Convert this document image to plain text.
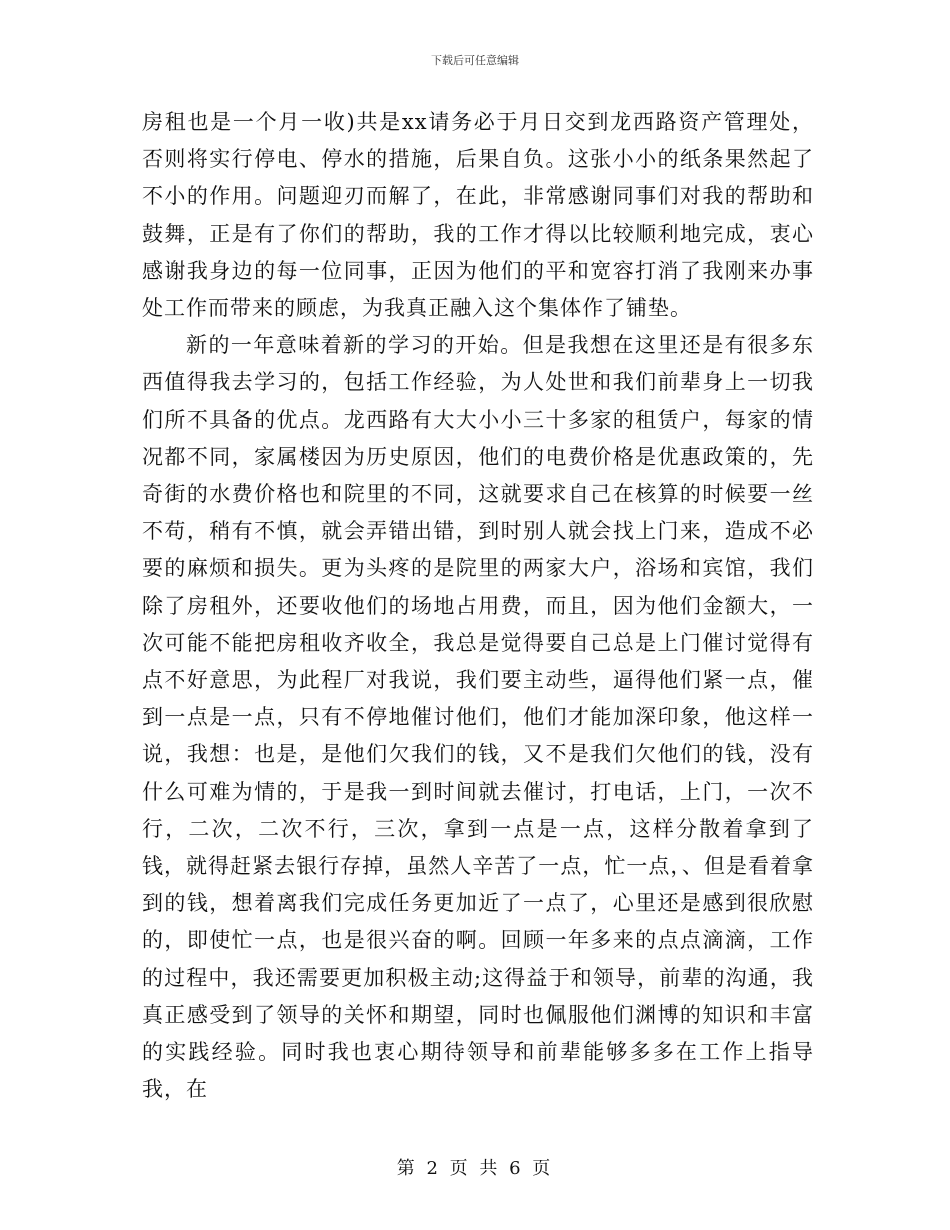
下载后可任意编辑

房租也是一个月一收)共是xx请务必于月日交到龙西路资产管理处，否则将实行停电、停水的措施，后果自负。这张小小的纸条果然起了不小的作用。问题迎刃而解了，在此，非常感谢同事们对我的帮助和鼓舞，正是有了你们的帮助，我的工作才得以比较顺利地完成，衷心感谢我身边的每一位同事，正因为他们的平和宽容打消了我刚来办事处工作而带来的顾虑，为我真正融入这个集体作了铺垫。

新的一年意味着新的学习的开始。但是我想在这里还是有很多东西值得我去学习的，包括工作经验，为人处世和我们前辈身上一切我们所不具备的优点。龙西路有大大小小三十多家的租赁户，每家的情况都不同，家属楼因为历史原因，他们的电费价格是优惠政策的，先奇街的水费价格也和院里的不同，这就要求自己在核算的时候要一丝不苟，稍有不慎，就会弄错出错，到时别人就会找上门来，造成不必要的麻烦和损失。更为头疼的是院里的两家大户，浴场和宾馆，我们除了房租外，还要收他们的场地占用费，而且，因为他们金额大，一次可能不能把房租收齐收全，我总是觉得要自己总是上门催讨觉得有点不好意思，为此程厂对我说，我们要主动些，逼得他们紧一点，催到一点是一点，只有不停地催讨他们，他们才能加深印象，他这样一说，我想：也是，是他们欠我们的钱，又不是我们欠他们的钱，没有什么可难为情的，于是我一到时间就去催讨，打电话，上门，一次不行，二次，二次不行，三次，拿到一点是一点，这样分散着拿到了钱，就得赶紧去银行存掉，虽然人辛苦了一点，忙一点，、但是看着拿到的钱，想着离我们完成任务更加近了一点了，心里还是感到很欣慰的，即使忙一点，也是很兴奋的啊。回顾一年多来的点点滴滴，工作的过程中，我还需要更加积极主动;这得益于和领导，前辈的沟通，我真正感受到了领导的关怀和期望，同时也佩服他们渊博的知识和丰富的实践经验。同时我也衷心期待领导和前辈能够多多在工作上指导我，在

第 2 页 共 6 页
